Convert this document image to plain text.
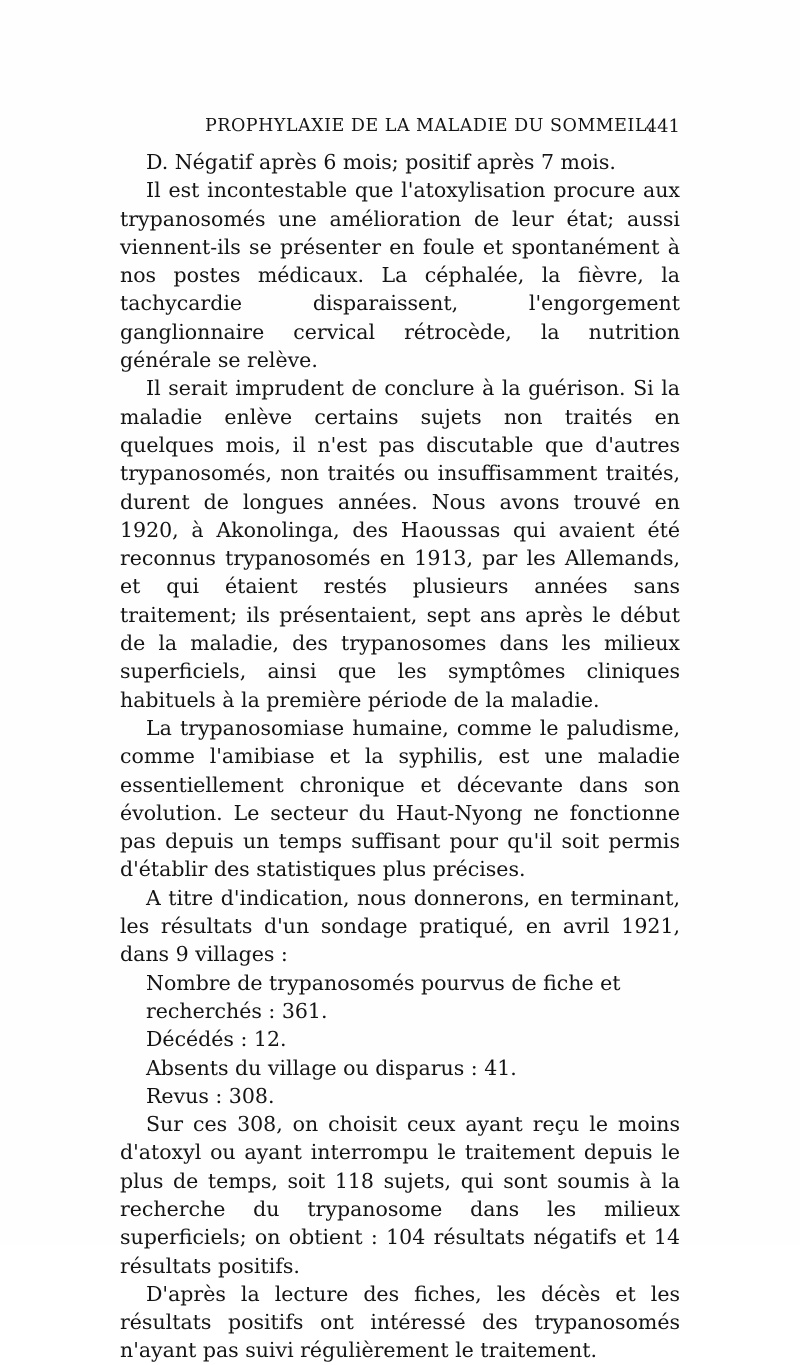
PROPHYLAXIE DE LA MALADIE DU SOMMEIL.
441

D. Négatif après 6 mois; positif après 7 mois.

Il est incontestable que l'atoxylisation procure aux trypanosomés une amélioration de leur état; aussi viennent-ils se présenter en foule et spontanément à nos postes médicaux. La céphalée, la fièvre, la tachycardie disparaissent, l'engorgement ganglionnaire cervical rétrocède, la nutrition générale se relève.

Il serait imprudent de conclure à la guérison. Si la maladie enlève certains sujets non traités en quelques mois, il n'est pas discutable que d'autres trypanosomés, non traités ou insuffisamment traités, durent de longues années. Nous avons trouvé en 1920, à Akonolinga, des Haoussas qui avaient été reconnus trypanosomés en 1913, par les Allemands, et qui étaient restés plusieurs années sans traitement; ils présentaient, sept ans après le début de la maladie, des trypanosomes dans les milieux superficiels, ainsi que les symptômes cliniques habituels à la première période de la maladie.

La trypanosomiase humaine, comme le paludisme, comme l'amibiase et la syphilis, est une maladie essentiellement chronique et décevante dans son évolution. Le secteur du Haut-Nyong ne fonctionne pas depuis un temps suffisant pour qu'il soit permis d'établir des statistiques plus précises.

A titre d'indication, nous donnerons, en terminant, les résultats d'un sondage pratiqué, en avril 1921, dans 9 villages :

Nombre de trypanosomés pourvus de fiche et recherchés : 361.

Décédés : 12.

Absents du village ou disparus : 41.

Revus : 308.

Sur ces 308, on choisit ceux ayant reçu le moins d'atoxyl ou ayant interrompu le traitement depuis le plus de temps, soit 118 sujets, qui sont soumis à la recherche du trypanosome dans les milieux superficiels; on obtient : 104 résultats négatifs et 14 résultats positifs.

D'après la lecture des fiches, les décès et les résultats positifs ont intéressé des trypanosomés n'ayant pas suivi régulièrement le traitement.
